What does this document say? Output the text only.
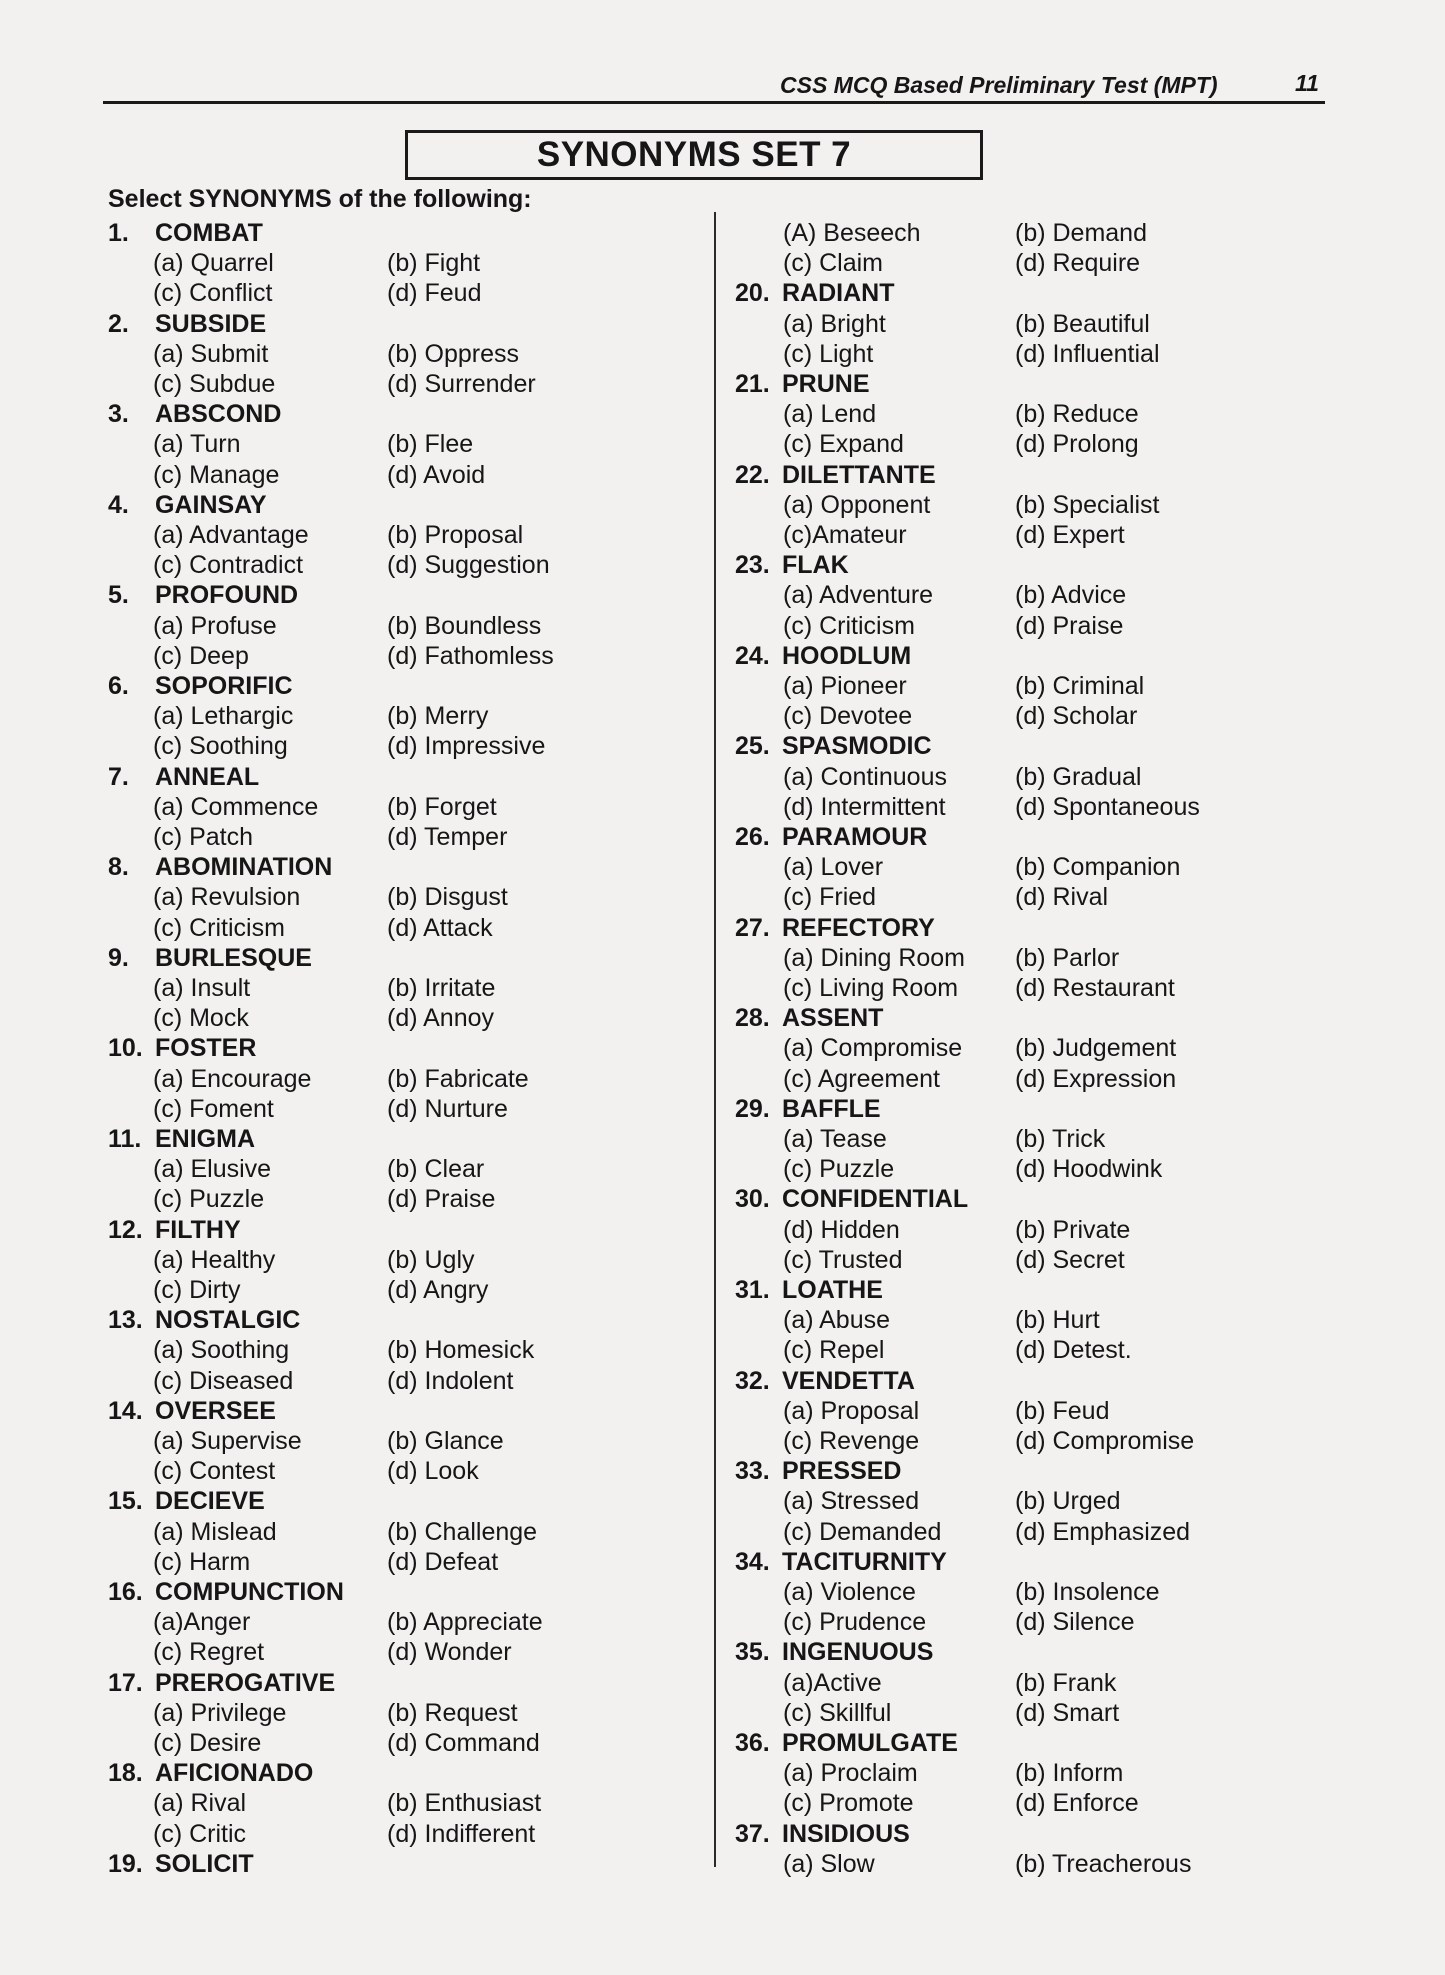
CSS MCQ Based Preliminary Test (MPT)	11
SYNONYMS SET 7
Select SYNONYMS of the following:
1. COMBAT
(a) Quarrel	(b) Fight
(c) Conflict	(d) Feud
2. SUBSIDE
(a) Submit	(b) Oppress
(c) Subdue	(d) Surrender
3. ABSCOND
(a) Turn	(b) Flee
(c) Manage	(d) Avoid
4. GAINSAY
(a) Advantage	(b) Proposal
(c) Contradict	(d) Suggestion
5. PROFOUND
(a) Profuse	(b) Boundless
(c) Deep	(d) Fathomless
6. SOPORIFIC
(a) Lethargic	(b) Merry
(c) Soothing	(d) Impressive
7. ANNEAL
(a) Commence	(b) Forget
(c) Patch	(d) Temper
8. ABOMINATION
(a) Revulsion	(b) Disgust
(c) Criticism	(d) Attack
9. BURLESQUE
(a) Insult	(b) Irritate
(c) Mock	(d) Annoy
10. FOSTER
(a) Encourage	(b) Fabricate
(c) Foment	(d) Nurture
11. ENIGMA
(a) Elusive	(b) Clear
(c) Puzzle	(d) Praise
12. FILTHY
(a) Healthy	(b) Ugly
(c) Dirty	(d) Angry
13. NOSTALGIC
(a) Soothing	(b) Homesick
(c) Diseased	(d) Indolent
14. OVERSEE
(a) Supervise	(b) Glance
(c) Contest	(d) Look
15. DECIEVE
(a) Mislead	(b) Challenge
(c) Harm	(d) Defeat
16. COMPUNCTION
(a)Anger	(b) Appreciate
(c) Regret	(d) Wonder
17. PREROGATIVE
(a) Privilege	(b) Request
(c) Desire	(d) Command
18. AFICIONADO
(a) Rival	(b) Enthusiast
(c) Critic	(d) Indifferent
19. SOLICIT
(A) Beseech	(b) Demand
(c) Claim	(d) Require
20. RADIANT
(a) Bright	(b) Beautiful
(c) Light	(d) Influential
21. PRUNE
(a) Lend	(b) Reduce
(c) Expand	(d) Prolong
22. DILETTANTE
(a) Opponent	(b) Specialist
(c)Amateur	(d) Expert
23. FLAK
(a) Adventure	(b) Advice
(c) Criticism	(d) Praise
24. HOODLUM
(a) Pioneer	(b) Criminal
(c) Devotee	(d) Scholar
25. SPASMODIC
(a) Continuous	(b) Gradual
(d) Intermittent	(d) Spontaneous
26. PARAMOUR
(a) Lover	(b) Companion
(c) Fried	(d) Rival
27. REFECTORY
(a) Dining Room (b) Parlor
(c) Living Room (d) Restaurant
28. ASSENT
(a) Compromise (b) Judgement
(c) Agreement	(d) Expression
29. BAFFLE
(a) Tease	(b) Trick
(c) Puzzle	(d) Hoodwink
30. CONFIDENTIAL
(d) Hidden	(b) Private
(c) Trusted	(d) Secret
31. LOATHE
(a) Abuse	(b) Hurt
(c) Repel	(d) Detest.
32. VENDETTA
(a) Proposal	(b) Feud
(c) Revenge	(d) Compromise
33. PRESSED
(a) Stressed	(b) Urged
(c) Demanded	(d) Emphasized
34. TACITURNITY
(a) Violence	(b) Insolence
(c) Prudence	(d) Silence
35. INGENUOUS
(a)Active	(b) Frank
(c) Skillful	(d) Smart
36. PROMULGATE
(a) Proclaim	(b) Inform
(c) Promote	(d) Enforce
37. INSIDIOUS
(a) Slow	(b) Treacherous
